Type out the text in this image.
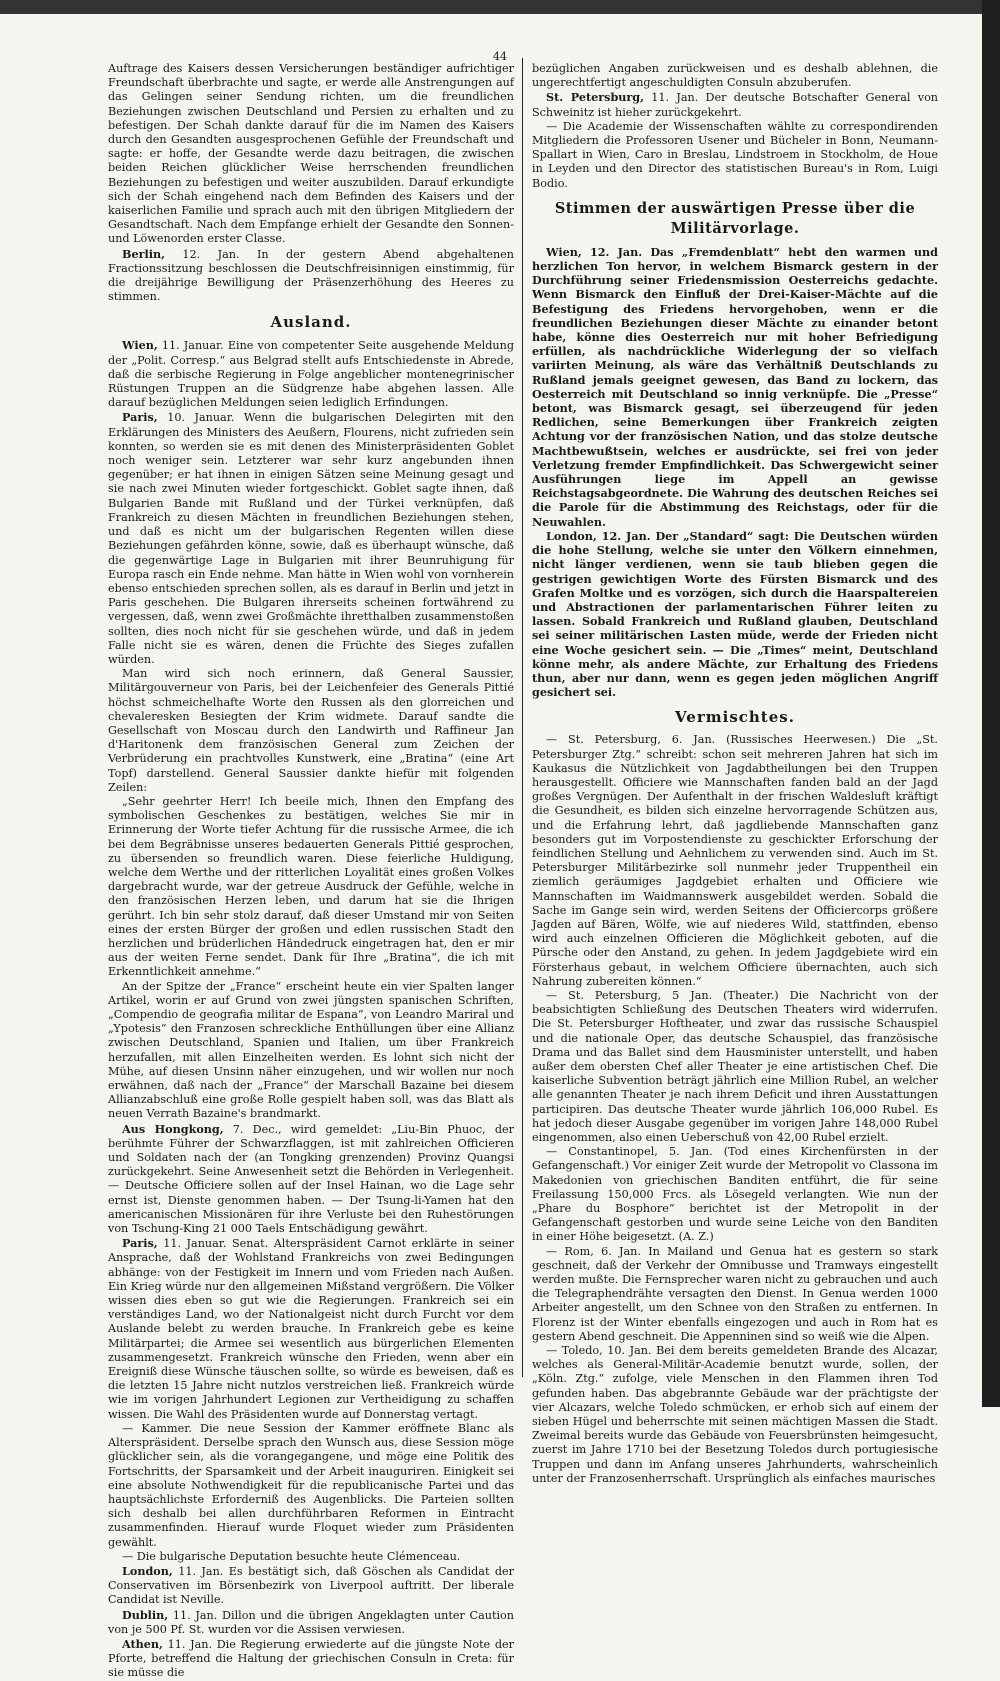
44

Auftrage des Kaisers dessen Versicherungen beständiger aufrichtiger Freundschaft überbrachte und sagte, er werde alle Anstrengungen auf das Gelingen seiner Sendung richten, um die freundlichen Beziehungen zwischen Deutschland und Persien zu erhalten und zu befestigen. Der Schah dankte darauf für die im Namen des Kaisers durch den Gesandten ausgesprochenen Gefühle der Freundschaft und sagte: er hoffe, der Gesandte werde dazu beitragen, die zwischen beiden Reichen glücklicher Weise herrschenden freundlichen Beziehungen zu befestigen und weiter auszubilden. Darauf erkundigte sich der Schah eingehend nach dem Befinden des Kaisers und der kaiserlichen Familie und sprach auch mit den übrigen Mitgliedern der Gesandtschaft. Nach dem Empfange erhielt der Gesandte den Sonnen- und Löwenorden erster Classe.

Berlin, 12. Jan. In der gestern Abend abgehaltenen Fractionssitzung beschlossen die Deutschfreisinnigen einstimmig, für die dreijährige Bewilligung der Präsenzerhöhung des Heeres zu stimmen.

Ausland.

Wien, 11. Januar. Eine von competenter Seite ausgehende Meldung der „Polit. Corresp.“ aus Belgrad stellt aufs Entschiedenste in Abrede, daß die serbische Regierung in Folge angeblicher montenegrinischer Rüstungen Truppen an die Südgrenze habe abgehen lassen. Alle darauf bezüglichen Meldungen seien lediglich Erfindungen.

Paris, 10. Januar. Wenn die bulgarischen Delegirten mit den Erklärungen des Ministers des Aeußern, Flourens, nicht zufrieden sein konnten, so werden sie es mit denen des Ministerpräsidenten Goblet noch weniger sein. Letzterer war sehr kurz angebunden ihnen gegenüber; er hat ihnen in einigen Sätzen seine Meinung gesagt und sie nach zwei Minuten wieder fortgeschickt. Goblet sagte ihnen, daß Bulgarien Bande mit Rußland und der Türkei verknüpfen, daß Frankreich zu diesen Mächten in freundlichen Beziehungen stehen, und daß es nicht um der bulgarischen Regenten willen diese Beziehungen gefährden könne, sowie, daß es überhaupt wünsche, daß die gegenwärtige Lage in Bulgarien mit ihrer Beunruhigung für Europa rasch ein Ende nehme. Man hätte in Wien wohl von vornherein ebenso entschieden sprechen sollen, als es darauf in Berlin und jetzt in Paris geschehen. Die Bulgaren ihrerseits scheinen fortwährend zu vergessen, daß, wenn zwei Großmächte ihretthalben zusammenstoßen sollten, dies noch nicht für sie geschehen würde, und daß in jedem Falle nicht sie es wären, denen die Früchte des Sieges zufallen würden.

Man wird sich noch erinnern, daß General Saussier, Militärgouverneur von Paris, bei der Leichenfeier des Generals Pittié höchst schmeichelhafte Worte den Russen als den glorreichen und chevaleresken Besiegten der Krim widmete. Darauf sandte die Gesellschaft von Moscau durch den Landwirth und Raffineur Jan d'Haritonenk dem französischen General zum Zeichen der Verbrüderung ein prachtvolles Kunstwerk, eine „Bratina“ (eine Art Topf) darstellend. General Saussier dankte hiefür mit folgenden Zeilen:

„Sehr geehrter Herr! Ich beeile mich, Ihnen den Empfang des symbolischen Geschenkes zu bestätigen, welches Sie mir in Erinnerung der Worte tiefer Achtung für die russische Armee, die ich bei dem Begräbnisse unseres bedauerten Generals Pittié gesprochen, zu übersenden so freundlich waren. Diese feierliche Huldigung, welche dem Werthe und der ritterlichen Loyalität eines großen Volkes dargebracht wurde, war der getreue Ausdruck der Gefühle, welche in den französischen Herzen leben, und darum hat sie die Ihrigen gerührt. Ich bin sehr stolz darauf, daß dieser Umstand mir von Seiten eines der ersten Bürger der großen und edlen russischen Stadt den herzlichen und brüderlichen Händedruck eingetragen hat, den er mir aus der weiten Ferne sendet. Dank für Ihre „Bratina“, die ich mit Erkenntlichkeit annehme.“

An der Spitze der „France“ erscheint heute ein vier Spalten langer Artikel, worin er auf Grund von zwei jüngsten spanischen Schriften, „Compendio de geografia militar de Espana“, von Leandro Mariral und „Ypotesis“ den Franzosen schreckliche Enthüllungen über eine Allianz zwischen Deutschland, Spanien und Italien, um über Frankreich herzufallen, mit allen Einzelheiten werden. Es lohnt sich nicht der Mühe, auf diesen Unsinn näher einzugehen, und wir wollen nur noch erwähnen, daß nach der „France“ der Marschall Bazaine bei diesem Allianzabschluß eine große Rolle gespielt haben soll, was das Blatt als neuen Verrath Bazaine's brandmarkt.

Aus Hongkong, 7. Dec., wird gemeldet: „Liu-Bin Phuoc, der berühmte Führer der Schwarzflaggen, ist mit zahlreichen Officieren und Soldaten nach der (an Tongking grenzenden) Provinz Quangsi zurückgekehrt. Seine Anwesenheit setzt die Behörden in Verlegenheit. — Deutsche Officiere sollen auf der Insel Hainan, wo die Lage sehr ernst ist, Dienste genommen haben. — Der Tsung-li-Yamen hat den americanischen Missionären für ihre Verluste bei den Ruhestörungen von Tschung-King 21 000 Taels Entschädigung gewährt.

Paris, 11. Januar. Senat. Alterspräsident Carnot erklärte in seiner Ansprache, daß der Wohlstand Frankreichs von zwei Bedingungen abhänge: von der Festigkeit im Innern und vom Frieden nach Außen. Ein Krieg würde nur den allgemeinen Mißstand vergrößern. Die Völker wissen dies eben so gut wie die Regierungen. Frankreich sei ein verständiges Land, wo der Nationalgeist nicht durch Furcht vor dem Auslande belebt zu werden brauche. In Frankreich gebe es keine Militärpartei; die Armee sei wesentlich aus bürgerlichen Elementen zusammengesetzt. Frankreich wünsche den Frieden, wenn aber ein Ereigniß diese Wünsche täuschen sollte, so würde es beweisen, daß es die letzten 15 Jahre nicht nutzlos verstreichen ließ. Frankreich würde wie im vorigen Jahrhundert Legionen zur Vertheidigung zu schaffen wissen. Die Wahl des Präsidenten wurde auf Donnerstag vertagt.

— Kammer. Die neue Session der Kammer eröffnete Blanc als Alterspräsident. Derselbe sprach den Wunsch aus, diese Session möge glücklicher sein, als die vorangegangene, und möge eine Politik des Fortschritts, der Sparsamkeit und der Arbeit inauguriren. Einigkeit sei eine absolute Nothwendigkeit für die republicanische Partei und das hauptsächlichste Erforderniß des Augenblicks. Die Parteien sollten sich deshalb bei allen durchführbaren Reformen in Eintracht zusammenfinden. Hierauf wurde Floquet wieder zum Präsidenten gewählt.

— Die bulgarische Deputation besuchte heute Clémenceau.

London, 11. Jan. Es bestätigt sich, daß Göschen als Candidat der Conservativen im Börsenbezirk von Liverpool auftritt. Der liberale Candidat ist Neville.

Dublin, 11. Jan. Dillon und die übrigen Angeklagten unter Caution von je 500 Pf. St. wurden vor die Assisen verwiesen.

Athen, 11. Jan. Die Regierung erwiederte auf die jüngste Note der Pforte, betreffend die Haltung der griechischen Consuln in Creta: für sie müsse die

bezüglichen Angaben zurückweisen und es deshalb ablehnen, die ungerechtfertigt angeschuldigten Consuln abzuberufen.

St. Petersburg, 11. Jan. Der deutsche Botschafter General von Schweinitz ist hieher zurückgekehrt.

— Die Academie der Wissenschaften wählte zu correspondirenden Mitgliedern die Professoren Usener und Bücheler in Bonn, Neumann-Spallart in Wien, Caro in Breslau, Lindstroem in Stockholm, de Houe in Leyden und den Director des statistischen Bureau's in Rom, Luigi Bodio.

Stimmen der auswärtigen Presse über die Militärvorlage.

Wien, 12. Jan. Das „Fremdenblatt“ hebt den warmen und herzlichen Ton hervor, in welchem Bismarck gestern in der Durchführung seiner Friedensmission Oesterreichs gedachte. Wenn Bismarck den Einfluß der Drei-Kaiser-Mächte auf die Befestigung des Friedens hervorgehoben, wenn er die freundlichen Beziehungen dieser Mächte zu einander betont habe, könne dies Oesterreich nur mit hoher Befriedigung erfüllen, als nachdrückliche Widerlegung der so vielfach variirten Meinung, als wäre das Verhältniß Deutschlands zu Rußland jemals geeignet gewesen, das Band zu lockern, das Oesterreich mit Deutschland so innig verknüpfe. Die „Presse“ betont, was Bismarck gesagt, sei überzeugend für jeden Redlichen, seine Bemerkungen über Frankreich zeigten Achtung vor der französischen Nation, und das stolze deutsche Machtbewußtsein, welches er ausdrückte, sei frei von jeder Verletzung fremder Empfindlichkeit. Das Schwergewicht seiner Ausführungen liege im Appell an gewisse Reichstagsabgeordnete. Die Wahrung des deutschen Reiches sei die Parole für die Abstimmung des Reichstags, oder für die Neuwahlen.

London, 12. Jan. Der „Standard“ sagt: Die Deutschen würden die hohe Stellung, welche sie unter den Völkern einnehmen, nicht länger verdienen, wenn sie taub blieben gegen die gestrigen gewichtigen Worte des Fürsten Bismarck und des Grafen Moltke und es vorzögen, sich durch die Haarspaltereien und Abstractionen der parlamentarischen Führer leiten zu lassen. Sobald Frankreich und Rußland glauben, Deutschland sei seiner militärischen Lasten müde, werde der Frieden nicht eine Woche gesichert sein. — Die „Times“ meint, Deutschland könne mehr, als andere Mächte, zur Erhaltung des Friedens thun, aber nur dann, wenn es gegen jeden möglichen Angriff gesichert sei.

Vermischtes.

— St. Petersburg, 6. Jan. (Russisches Heerwesen.) Die „St. Petersburger Ztg.“ schreibt: schon seit mehreren Jahren hat sich im Kaukasus die Nützlichkeit von Jagdabtheilungen bei den Truppen herausgestellt. Officiere wie Mannschaften fanden bald an der Jagd großes Vergnügen. Der Aufenthalt in der frischen Waldesluft kräftigt die Gesundheit, es bilden sich einzelne hervorragende Schützen aus, und die Erfahrung lehrt, daß jagdliebende Mannschaften ganz besonders gut im Vorpostendienste zu geschickter Erforschung der feindlichen Stellung und Aehnlichem zu verwenden sind. Auch im St. Petersburger Militärbezirke soll nunmehr jeder Truppentheil ein ziemlich geräumiges Jagdgebiet erhalten und Officiere wie Mannschaften im Waidmannswerk ausgebildet werden. Sobald die Sache im Gange sein wird, werden Seitens der Officiercorps größere Jagden auf Bären, Wölfe, wie auf niederes Wild, stattfinden, ebenso wird auch einzelnen Officieren die Möglichkeit geboten, auf die Pürsche oder den Anstand, zu gehen. In jedem Jagdgebiete wird ein Försterhaus gebaut, in welchem Officiere übernachten, auch sich Nahrung zubereiten können.“

— St. Petersburg, 5 Jan. (Theater.) Die Nachricht von der beabsichtigten Schließung des Deutschen Theaters wird widerrufen. Die St. Petersburger Hoftheater, und zwar das russische Schauspiel und die nationale Oper, das deutsche Schauspiel, das französische Drama und das Ballet sind dem Hausminister unterstellt, und haben außer dem obersten Chef aller Theater je eine artistischen Chef. Die kaiserliche Subvention beträgt jährlich eine Million Rubel, an welcher alle genannten Theater je nach ihrem Deficit und ihren Ausstattungen participiren. Das deutsche Theater wurde jährlich 106,000 Rubel. Es hat jedoch dieser Ausgabe gegenüber im vorigen Jahre 148,000 Rubel eingenommen, also einen Ueberschuß von 42,00 Rubel erzielt.

— Constantinopel, 5. Jan. (Tod eines Kirchenfürsten in der Gefangenschaft.) Vor einiger Zeit wurde der Metropolit vo Classona im Makedonien von griechischen Banditen entführt, die für seine Freilassung 150,000 Frcs. als Lösegeld verlangten. Wie nun der „Phare du Bosphore“ berichtet ist der Metropolit in der Gefangenschaft gestorben und wurde seine Leiche von den Banditen in einer Höhe beigesetzt. (A. Z.)

— Rom, 6. Jan. In Mailand und Genua hat es gestern so stark geschneit, daß der Verkehr der Omnibusse und Tramways eingestellt werden mußte. Die Fernsprecher waren nicht zu gebrauchen und auch die Telegraphendrähte versagten den Dienst. In Genua werden 1000 Arbeiter angestellt, um den Schnee von den Straßen zu entfernen. In Florenz ist der Winter ebenfalls eingezogen und auch in Rom hat es gestern Abend geschneit. Die Appenninen sind so weiß wie die Alpen.

— Toledo, 10. Jan. Bei dem bereits gemeldeten Brande des Alcazar, welches als General-Militär-Academie benutzt wurde, sollen, der „Köln. Ztg.“ zufolge, viele Menschen in den Flammen ihren Tod gefunden haben. Das abgebrannte Gebäude war der prächtigste der vier Alcazars, welche Toledo schmücken, er erhob sich auf einem der sieben Hügel und beherrschte mit seinen mächtigen Massen die Stadt. Zweimal bereits wurde das Gebäude von Feuersbrünsten heimgesucht, zuerst im Jahre 1710 bei der Besetzung Toledos durch portugiesische Truppen und dann im Anfang unseres Jahrhunderts, wahrscheinlich unter der Franzosenherrschaft. Ursprünglich als einfaches maurisches
